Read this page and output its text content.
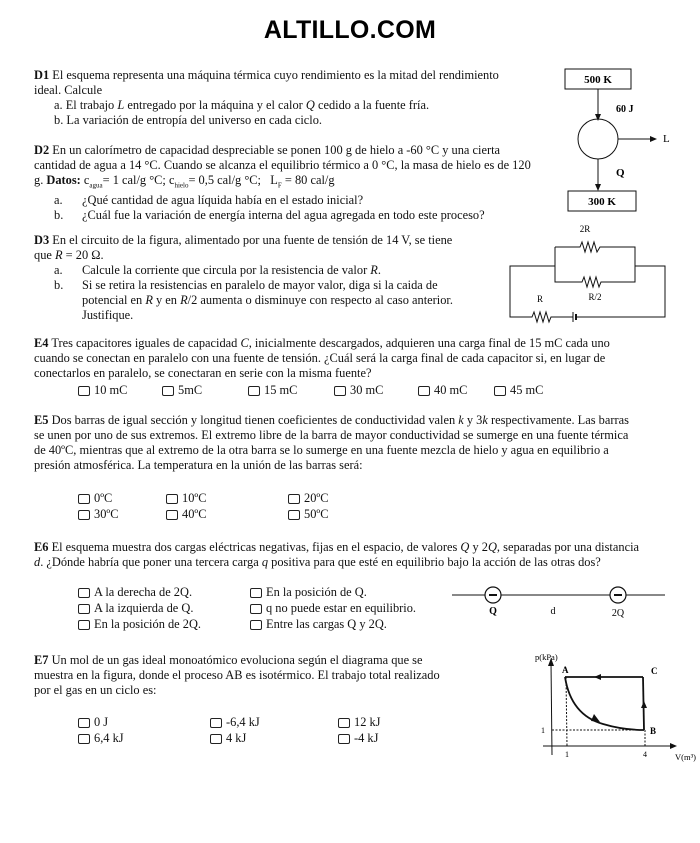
ALTILLO.COM

D1 El esquema representa una máquina térmica cuyo rendimiento es la mitad del rendimiento

ideal. Calcule

a. El trabajo L entregado por la máquina y el calor Q cedido a la fuente fría.

b. La variación de entropía del universo en cada ciclo.

500 K
60 J
L
Q
300 K

D2 En un calorímetro de capacidad despreciable se ponen 100 g de hielo a -60 °C y una cierta

cantidad de agua a 14 °C. Cuando se alcanza el equilibrio térmico a 0 °C, la masa de hielo es de 120

g. Datos: $c_{agua}= 1$ cal/g °C; $c_{hielo}= 0,5$ cal/g °C; $L_F = 80$ cal/g

a.	¿Qué cantidad de agua líquida había en el estado inicial?

b.	¿Cuál fue la variación de energía interna del agua agregada en todo este proceso?

D3 En el circuito de la figura, alimentado por una fuente de tensión de 14 V, se tiene

que R = 20 Ω.

a.	Calcule la corriente que circula por la resistencia de valor R.

b.	Si se retira la resistencias en paralelo de mayor valor, diga si la caida de
potencial en R y en R/2 aumenta o disminuye con respecto al caso anterior.
Justifique.
2R
R/2
R

E4 Tres capacitores iguales de capacidad C, inicialmente descargados, adquieren una carga final de 15 mC cada uno

cuando se conectan en paralelo con una fuente de tensión. ¿Cuál será la carga final de cada capacitor si, en lugar de

conectarlos en paralelo, se conectaran en serie con la misma fuente?

10 mC	5mC	15 mC	30 mC	40 mC	45 mC

E5 Dos barras de igual sección y longitud tienen coeficientes de conductividad valen k y 3k respectivamente. Las barras

se unen por uno de sus extremos. El extremo libre de la barra de mayor conductividad se sumerge en una fuente térmica

de 40ºC, mientras que al extremo de la otra barra se lo sumerge en una fuente mezcla de hielo y agua en equilibrio a

presión atmosférica. La temperatura en la unión de las barras será:

0ºC	10ºC	20ºC
30ºC	40ºC	50ºC

E6 El esquema muestra dos cargas eléctricas negativas, fijas en el espacio, de valores Q y 2Q, separadas por una distancia

d. ¿Dónde habría que poner una tercera carga q positiva para que esté en equilibrio bajo la acción de las otras dos?

A la derecha de 2Q.	En la posición de Q.
A la izquierda de Q.	q no puede estar en equilibrio.
En la posición de 2Q.	Entre las cargas Q y 2Q.
Q	d	2Q

E7 Un mol de un gas ideal monoatómico evoluciona según el diagrama que se

muestra en la figura, donde el proceso AB es isotérmico. El trabajo total realizado

por el gas en un ciclo es:

0 J	-6,4 kJ	12 kJ
6,4 kJ	4 kJ	-4 kJ
p(kPa)
V(m³)
A	C
B
1
1	4
